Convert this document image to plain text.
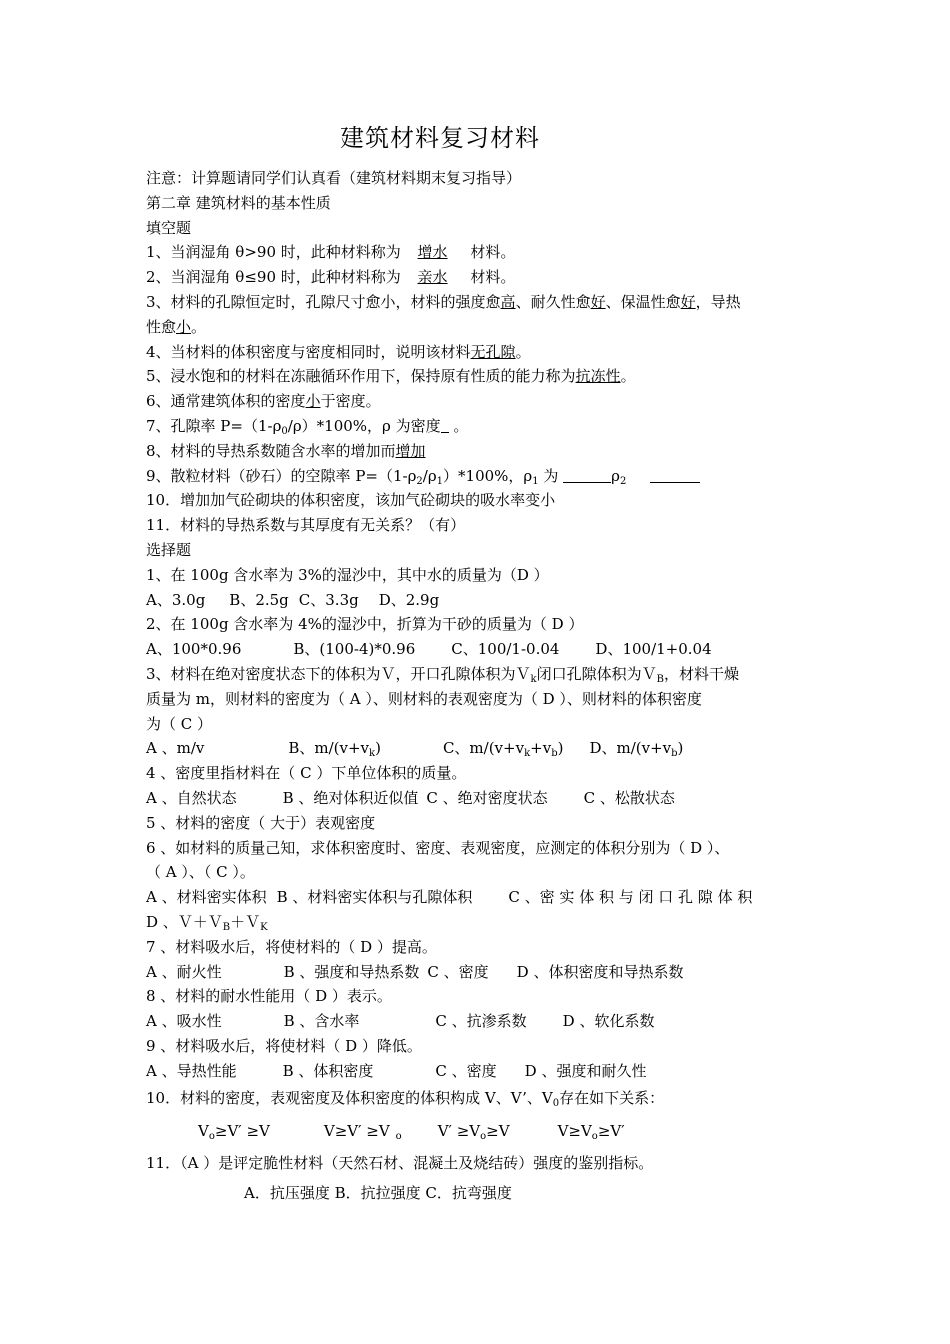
建筑材料复习材料
注意：计算题请同学们认真看（建筑材料期末复习指导）
第二章 建筑材料的基本性质
填空题
1、当润湿角 θ>90 时，此种材料称为 增水 材料。
2、当润湿角 θ≤90 时，此种材料称为 亲水 材料。
3、材料的孔隙恒定时，孔隙尺寸愈小，材料的强度愈高、耐久性愈好、保温性愈好，导热
性愈小。
4、当材料的体积密度与密度相同时，说明该材料无孔隙。
5、浸水饱和的材料在冻融循环作用下，保持原有性质的能力称为抗冻性。
6、通常建筑体积的密度小于密度。
7、孔隙率 $P=(1-\rho_0/\rho)*100\%$，ρ 为密度 。
8、材料的导热系数随含水率的增加而增加
9、散粒材料（砂石）的空隙率 $P=(1-\rho_2/\rho_1)*100\%$，$\rho_1$ 为	$\rho_2$
10．增加加气砼砌块的体积密度，该加气砼砌块的吸水率变小
11．材料的导热系数与其厚度有无关系？（有）
选择题
1、在 100g 含水率为 3%的湿沙中，其中水的质量为（D ）
A、3.0g B、2.5g C、3.3g D、2.9g
2、在 100g 含水率为 4%的湿沙中，折算为干砂的质量为（ D ）
A、100*0.96	B、(100-4)*0.96 C、100/1-0.04 D、100/1+0.04
3、材料在绝对密度状态下的体积为Ｖ，开口孔隙体积为Ｖ$_k$闭口孔隙体积为Ｖ$_B$，材料干燥
质量为 m，则材料的密度为（ A ）、则材料的表观密度为（ D ）、则材料的体积密度
为（ C ）
A 、m/v	B、$m/(v+v_k)$	C、$m/(v+v_k+v_b)$ D、$m/(v+v_b)$
4 、密度里指材料在（ C ）下单位体积的质量。
A 、自然状态	B 、绝对体积近似值 C 、绝对密度状态 C 、松散状态
5 、材料的密度（ 大于）表观密度
6 、如材料的质量己知，求体积密度时、密度、表观密度，应测定的体积分别为（ D ）、
（ A ）、（ C ）。
A 、材料密实体积 B 、材料密实体积与孔隙体积 C 、密 实 体 积 与 闭 口 孔 隙 体 积
D 、Ｖ＋Ｖ$_B$＋Ｖ$_K$
7 、材料吸水后，将使材料的（ D ）提高。
A 、耐火性	B 、强度和导热系数 C 、密度 D 、体积密度和导热系数
8 、材料的耐水性能用（ D ）表示。
A 、吸水性	B 、含水率	C 、抗渗系数 D 、软化系数
9 、材料吸水后，将使材料（ D ）降低。
A 、导热性能	B 、体积密度	C 、密度 D 、强度和耐久性
10．材料的密度，表观密度及体积密度的体积构成 V、V’、$V_0$存在如下关系：
$V_o\ge V' \ge V$	V≥V′ ≥V $_o$ $V' \ge V_o\ge V$	$V\ge V_o\ge V'$
11．（A ）是评定脆性材料（天然石材、混凝土及烧结砖）强度的鉴别指标。
A．抗压强度 B．抗拉强度 C．抗弯强度
